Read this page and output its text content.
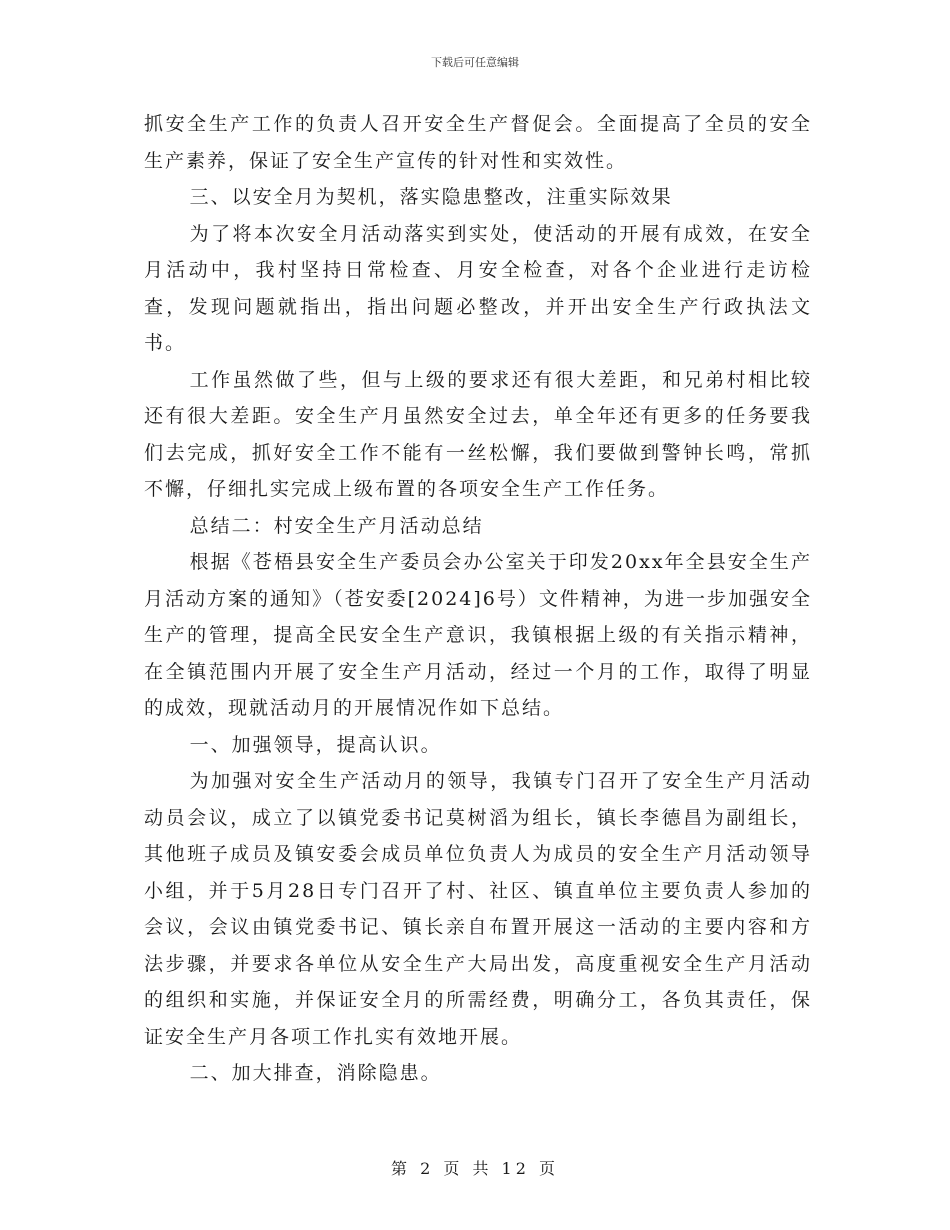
下载后可任意编辑

抓安全生产工作的负责人召开安全生产督促会。全面提高了全员的安全生产素养，保证了安全生产宣传的针对性和实效性。

三、以安全月为契机，落实隐患整改，注重实际效果

为了将本次安全月活动落实到实处，使活动的开展有成效，在安全月活动中，我村坚持日常检查、月安全检查，对各个企业进行走访检查，发现问题就指出，指出问题必整改，并开出安全生产行政执法文书。

工作虽然做了些，但与上级的要求还有很大差距，和兄弟村相比较还有很大差距。安全生产月虽然安全过去，单全年还有更多的任务要我们去完成，抓好安全工作不能有一丝松懈，我们要做到警钟长鸣，常抓不懈，仔细扎实完成上级布置的各项安全生产工作任务。

总结二：村安全生产月活动总结

根据《苍梧县安全生产委员会办公室关于印发20xx年全县安全生产月活动方案的通知》（苍安委[2024]6号）文件精神，为进一步加强安全生产的管理，提高全民安全生产意识，我镇根据上级的有关指示精神，在全镇范围内开展了安全生产月活动，经过一个月的工作，取得了明显的成效，现就活动月的开展情况作如下总结。

一、加强领导，提高认识。

为加强对安全生产活动月的领导，我镇专门召开了安全生产月活动动员会议，成立了以镇党委书记莫树滔为组长，镇长李德昌为副组长，其他班子成员及镇安委会成员单位负责人为成员的安全生产月活动领导小组，并于5月28日专门召开了村、社区、镇直单位主要负责人参加的会议，会议由镇党委书记、镇长亲自布置开展这一活动的主要内容和方法步骤，并要求各单位从安全生产大局出发，高度重视安全生产月活动的组织和实施，并保证安全月的所需经费，明确分工，各负其责任，保证安全生产月各项工作扎实有效地开展。

二、加大排查，消除隐患。

第 2 页 共 12 页
